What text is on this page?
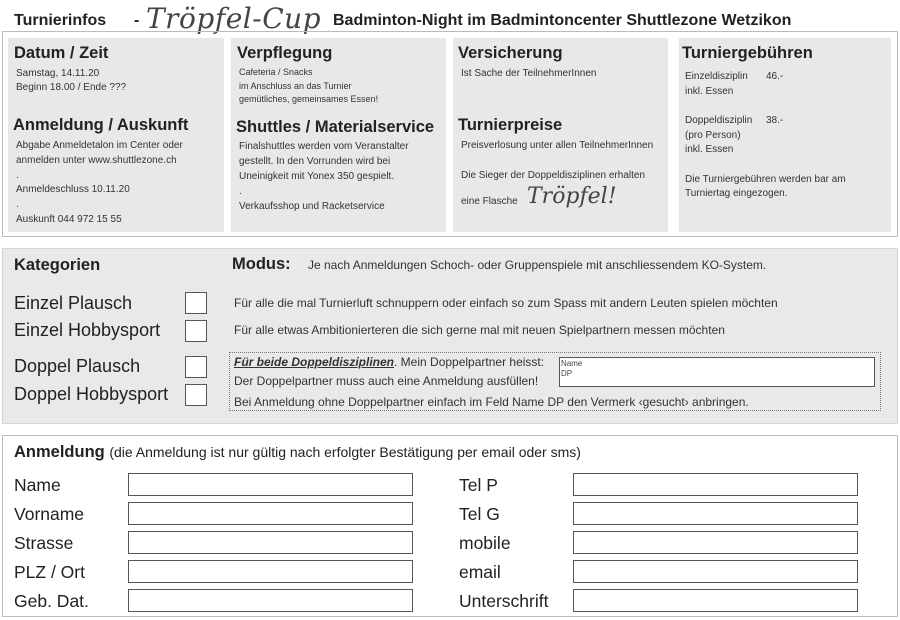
Turnierinfos - Tröpfel-Cup Badminton-Night im Badmintoncenter Shuttlezone Wetzikon
Datum / Zeit
Samstag, 14.11.20
Beginn 18.00 / Ende ???
Anmeldung / Auskunft
Abgabe Anmeldetalon im Center oder
anmelden unter www.shuttlezone.ch
.
Anmeldeschluss 10.11.20
.
Auskunft 044 972 15 55
Verpflegung
Cafeteria / Snacks
im Anschluss an das Turnier
gemütliches, gemeinsames Essen!
Shuttles / Materialservice
Finalshuttles werden vom Veranstalter
gestellt. In den Vorrunden wird bei
Uneinigkeit mit Yonex 350 gespielt.
.
Verkaufsshop und Racketservice
Versicherung
Ist Sache der TeilnehmerInnen
Turnierpreise
Preisverlosung unter allen TeilnehmerInnen
Die Sieger der Doppeldisziplinen erhalten
eine Flasche Tröpfel!
Turniergebühren
Einzeldisziplin 46.-
inkl. Essen
Doppeldisziplin 38.-
(pro Person)
inkl. Essen
Die Turniergebühren werden bar am
Turniertag eingezogen.
Kategorien
Einzel Plausch
Einzel Hobbysport
Doppel Plausch
Doppel Hobbysport
Modus: Je nach Anmeldungen Schoch- oder Gruppenspiele mit anschliessendem KO-System.
Für alle die mal Turnierluft schnuppern oder einfach so zum Spass mit andern Leuten spielen möchten
Für alle etwas Ambitionierteren die sich gerne mal mit neuen Spielpartnern messen möchten
Für beide Doppeldisziplinen. Mein Doppelpartner heisst:
Der Doppelpartner muss auch eine Anmeldung ausfüllen!
Bei Anmeldung ohne Doppelpartner einfach im Feld Name DP den Vermerk ‹gesucht› anbringen.
Name
DP
Anmeldung (die Anmeldung ist nur gültig nach erfolgter Bestätigung per email oder sms)
Name
Vorname
Strasse
PLZ / Ort
Geb. Dat.
Tel P
Tel G
mobile
email
Unterschrift
